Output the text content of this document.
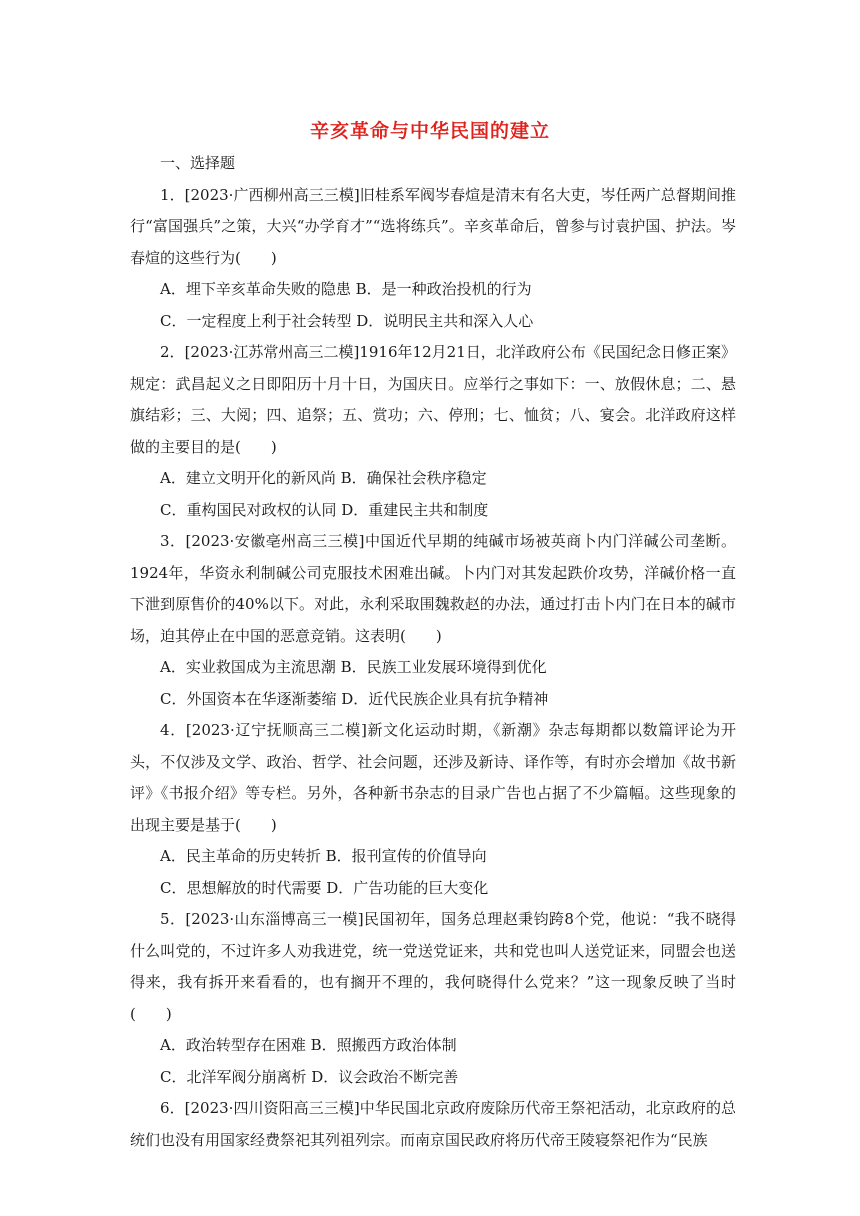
辛亥革命与中华民国的建立

一、选择题

1．[2023·广西柳州高三三模]旧桂系军阀岑春煊是清末有名大吏，岑任两广总督期间推行“富国强兵”之策，大兴“办学育才”“选将练兵”。辛亥革命后，曾参与讨袁护国、护法。岑春煊的这些行为(　　)

A．埋下辛亥革命失败的隐患 B．是一种政治投机的行为

C．一定程度上利于社会转型 D．说明民主共和深入人心

2．[2023·江苏常州高三二模]1916年12月21日，北洋政府公布《民国纪念日修正案》规定：武昌起义之日即阳历十月十日，为国庆日。应举行之事如下：一、放假休息；二、悬旗结彩；三、大阅；四、追祭；五、赏功；六、停刑；七、恤贫；八、宴会。北洋政府这样做的主要目的是(　　)

A．建立文明开化的新风尚 B．确保社会秩序稳定

C．重构国民对政权的认同 D．重建民主共和制度

3．[2023·安徽亳州高三三模]中国近代早期的纯碱市场被英商卜内门洋碱公司垄断。1924年，华资永利制碱公司克服技术困难出碱。卜内门对其发起跌价攻势，洋碱价格一直下泄到原售价的40%以下。对此，永利采取围魏救赵的办法，通过打击卜内门在日本的碱市场，迫其停止在中国的恶意竞销。这表明(　　)

A．实业救国成为主流思潮 B．民族工业发展环境得到优化

C．外国资本在华逐渐萎缩 D．近代民族企业具有抗争精神

4．[2023·辽宁抚顺高三二模]新文化运动时期，《新潮》杂志每期都以数篇评论为开头，不仅涉及文学、政治、哲学、社会问题，还涉及新诗、译作等，有时亦会增加《故书新评》《书报介绍》等专栏。另外，各种新书杂志的目录广告也占据了不少篇幅。这些现象的出现主要是基于(　　)

A．民主革命的历史转折 B．报刊宣传的价值导向

C．思想解放的时代需要 D．广告功能的巨大变化

5．[2023·山东淄博高三一模]民国初年，国务总理赵秉钧跨8个党，他说：“我不晓得什么叫党的，不过许多人劝我进党，统一党送党证来，共和党也叫人送党证来，同盟会也送得来，我有拆开来看看的，也有搁开不理的，我何晓得什么党来？”这一现象反映了当时(　　)

A．政治转型存在困难 B．照搬西方政治体制

C．北洋军阀分崩离析 D．议会政治不断完善

6．[2023·四川资阳高三三模]中华民国北京政府废除历代帝王祭祀活动，北京政府的总统们也没有用国家经费祭祀其列祖列宗。而南京国民政府将历代帝王陵寝祭祀作为“民族
